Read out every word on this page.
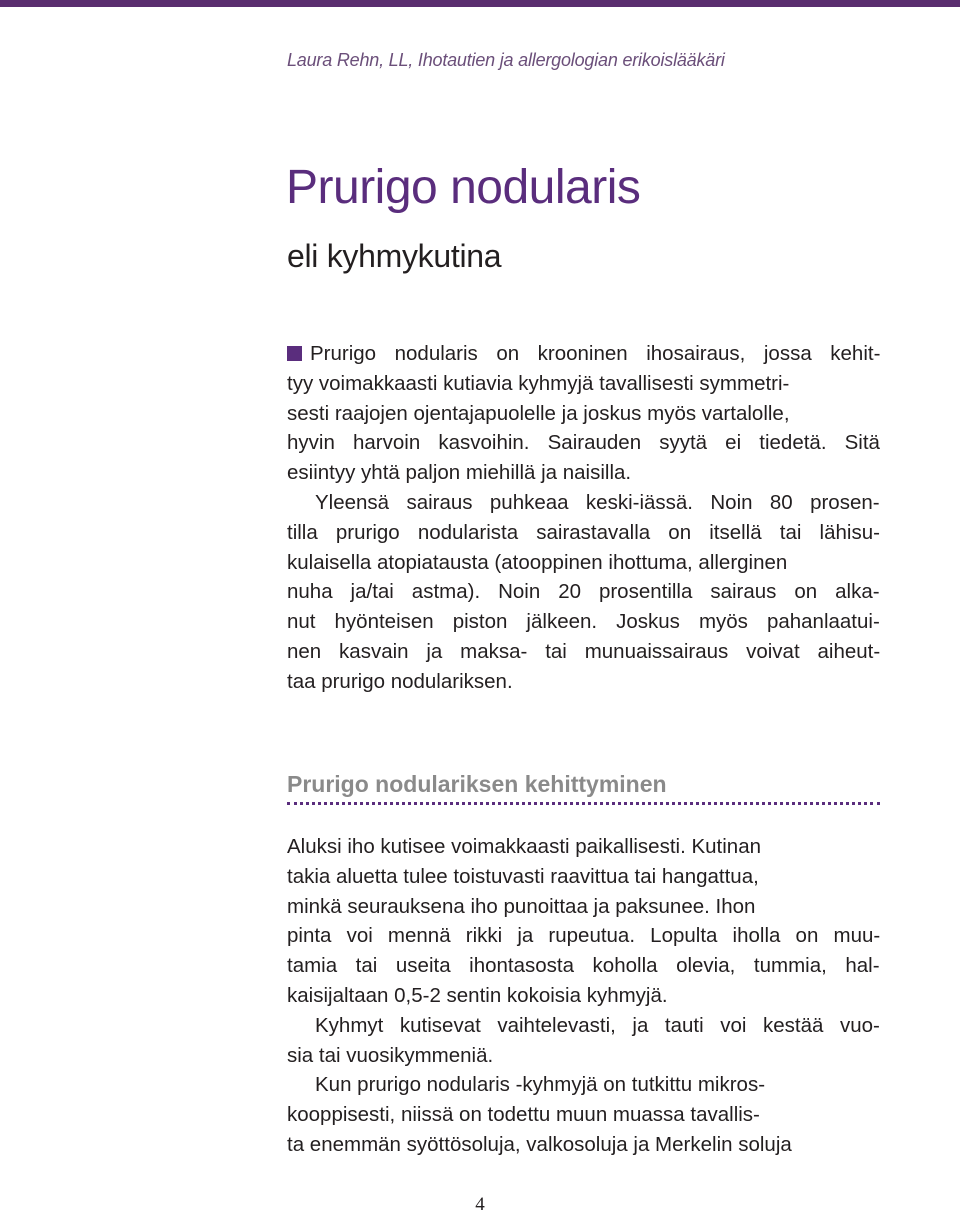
Laura Rehn, LL, Ihotautien ja allergologian erikoislääkäri
Prurigo nodularis
eli kyhmykutina
Prurigo nodularis on krooninen ihosairaus, jossa kehit-
tyy voimakkaasti kutiavia kyhmyjä tavallisesti symmetri-
sesti raajojen ojentajapuolelle ja joskus myös vartalolle,
hyvin harvoin kasvoihin. Sairauden syytä ei tiedetä. Sitä
esiintyy yhtä paljon miehillä ja naisilla.
Yleensä sairaus puhkeaa keski-iässä. Noin 80 prosen-
tilla prurigo nodularista sairastavalla on itsellä tai lähisu-
kulaisella atopiatausta (atooppinen ihottuma, allerginen
nuha ja/tai astma). Noin 20 prosentilla sairaus on alka-
nut hyönteisen piston jälkeen. Joskus myös pahanlaatui-
nen kasvain ja maksa- tai munuaissairaus voivat aiheut-
taa prurigo nodulariksen.
Prurigo nodulariksen kehittyminen
Aluksi iho kutisee voimakkaasti paikallisesti. Kutinan
takia aluetta tulee toistuvasti raavittua tai hangattua,
minkä seurauksena iho punoittaa ja paksunee. Ihon
pinta voi mennä rikki ja rupeutua. Lopulta iholla on muu-
tamia tai useita ihontasosta koholla olevia, tummia, hal-
kaisijaltaan 0,5-2 sentin kokoisia kyhmyjä.
Kyhmyt kutisevat vaihtelevasti, ja tauti voi kestää vuo-
sia tai vuosikymmeniä.
Kun prurigo nodularis -kyhmyjä on tutkittu mikros-
kooppisesti, niissä on todettu muun muassa tavallis-
ta enemmän syöttösoluja, valkosoluja ja Merkelin soluja
4
